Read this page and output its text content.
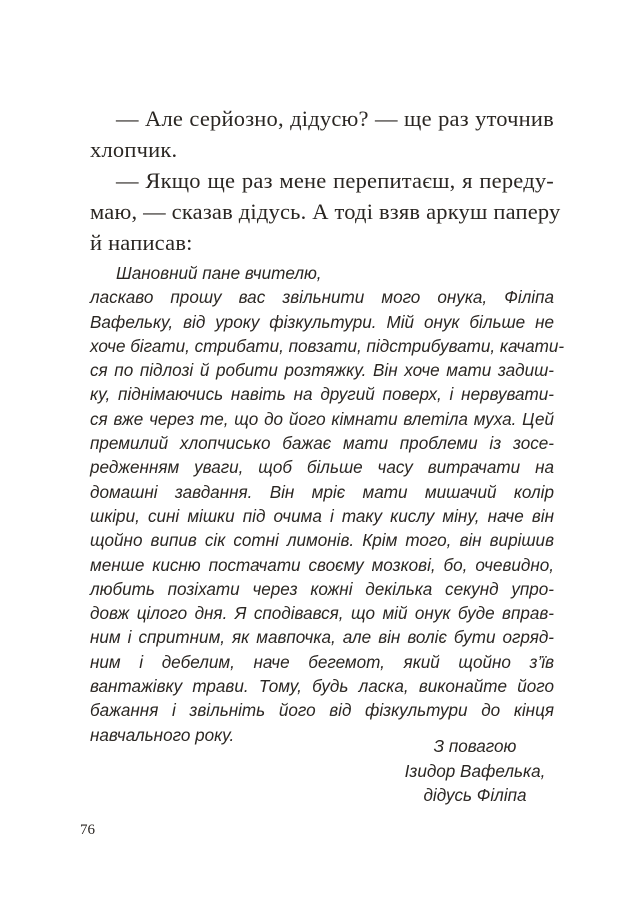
— Але серйозно, дідусю? — ще раз уточнив
хлопчик.
— Якщо ще раз мене перепитаєш, я переду-
маю, — сказав дідусь. А тоді взяв аркуш паперу
й написав:
Шановний пане вчителю,
ласкаво прошу вас звільнити мого онука, Філіпа
Вафельку, від уроку фізкультури. Мій онук більше не
хоче бігати, стрибати, повзати, підстрибувати, качати-
ся по підлозі й робити розтяжку. Він хоче мати задиш-
ку, піднімаючись навіть на другий поверх, і нервувати-
ся вже через те, що до його кімнати влетіла муха. Цей
премилий хлопчисько бажає мати проблеми із зосе-
редженням уваги, щоб більше часу витрачати на
домашні завдання. Він мріє мати мишачий колір
шкіри, сині мішки під очима і таку кислу міну, наче він
щойно випив сік сотні лимонів. Крім того, він вирішив
менше кисню постачати своєму мозкові, бо, очевидно,
любить позіхати через кожні декілька секунд упро-
довж цілого дня. Я сподівався, що мій онук буде вправ-
ним і спритним, як мавпочка, але він воліє бути огряд-
ним і дебелим, наче бегемот, який щойно з’їв
вантажівку трави. Тому, будь ласка, виконайте його
бажання і звільніть його від фізкультури до кінця
навчального року.
З повагою
Ізидор Вафелька,
дідусь Філіпа
76
